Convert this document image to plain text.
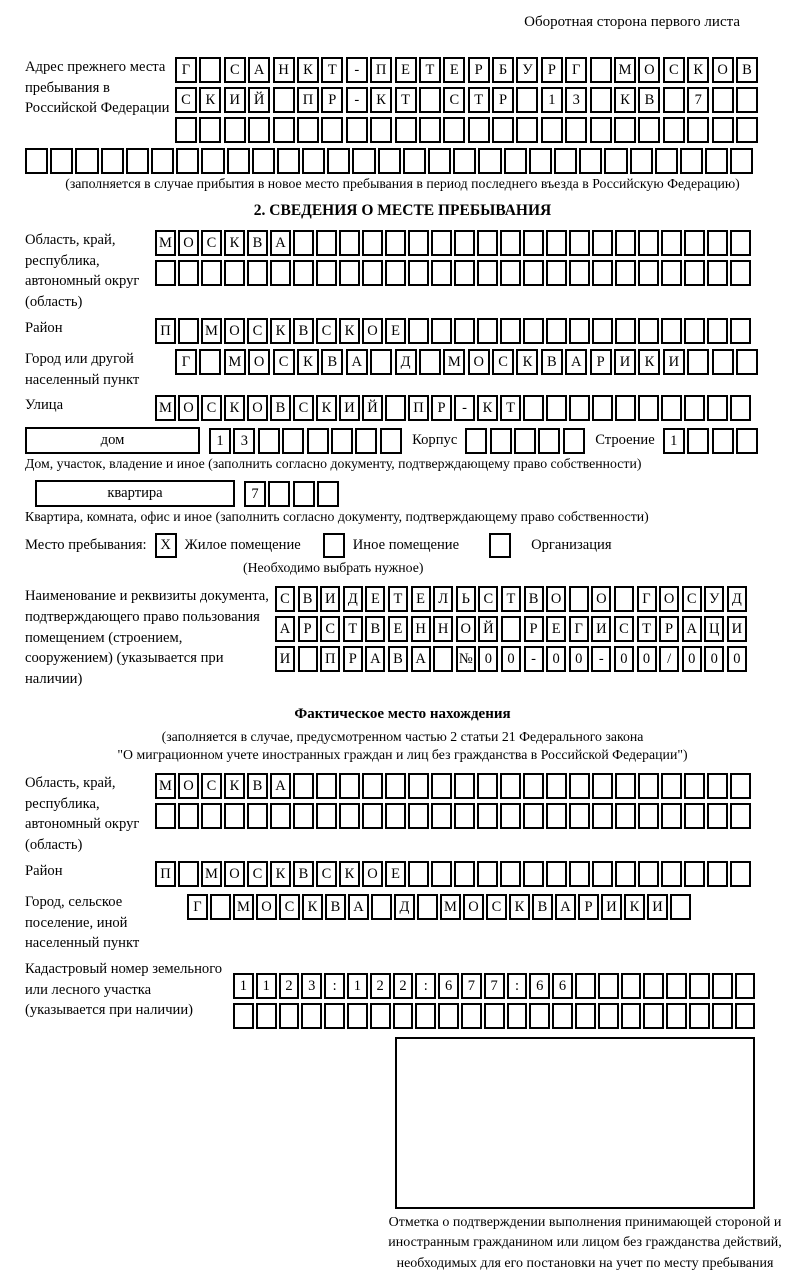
Оборотная сторона первого листа
Адрес прежнего места пребывания в Российской Федерации
Г	С А Н К	Т	-	П	Е	Т	Е	Р	Б	У	Р	Г	М О С	К О В
С	К И Й	П	Р	-	К	Т	С	Т	Р	1	3	К	В	7
(заполняется в случае прибытия в новое место пребывания в период последнего въезда в Российскую Федерацию)
2. СВЕДЕНИЯ О МЕСТЕ ПРЕБЫВАНИЯ
Область, край, республика, автономный округ (область)
М О С К В А
Район	П	М О С К В С К О Е
Город или другой населенный пункт
Г	М О С	К	В А	Д	М О С	К	В А	Р	И К И
Улица	М О С К О В С К И Й	П Р	-	К Т
дом	1	3	Корпус	Строение	1
Дом, участок, владение и иное (заполнить согласно документу, подтверждающему право собственности)
квартира	7
Квартира, комната, офис и иное (заполнить согласно документу, подтверждающему право собственности)
Место пребывания: X Жилое помещение	Иное помещение	Организация
(Необходимо выбрать нужное)
Наименование и реквизиты документа, подтверждающего право пользования помещением (строением, сооружением) (указывается при наличии)
С В И Д Е Т Е Л Ь С Т В О	О	Г О С У Д
А Р С Т В Е Н Н О Й	Р Е Г И С Т Р А Ц И
И	П Р А В А	№ 0	0	-	0	0	-	0	0	/	0	0	0
Фактическое место нахождения
(заполняется в случае, предусмотренном частью 2 статьи 21 Федерального закона
"О миграционном учете иностранных граждан и лиц без гражданства в Российской Федерации")
Область, край, республика, автономный округ (область)
М О С К В А
Район	П	М О С К В С К О Е
Город, сельское поселение, иной населенный пункт
Г	М О С К В А	Д	М О С К В А Р И К И
Кадастровый номер земельного или лесного участка (указывается при наличии)
1	1	2	3	:	1	2	2	:	6	7	7	:	6	6
Отметка о подтверждении выполнения принимающей стороной и иностранным гражданином или лицом без гражданства действий, необходимых для его постановки на учет по месту пребывания
